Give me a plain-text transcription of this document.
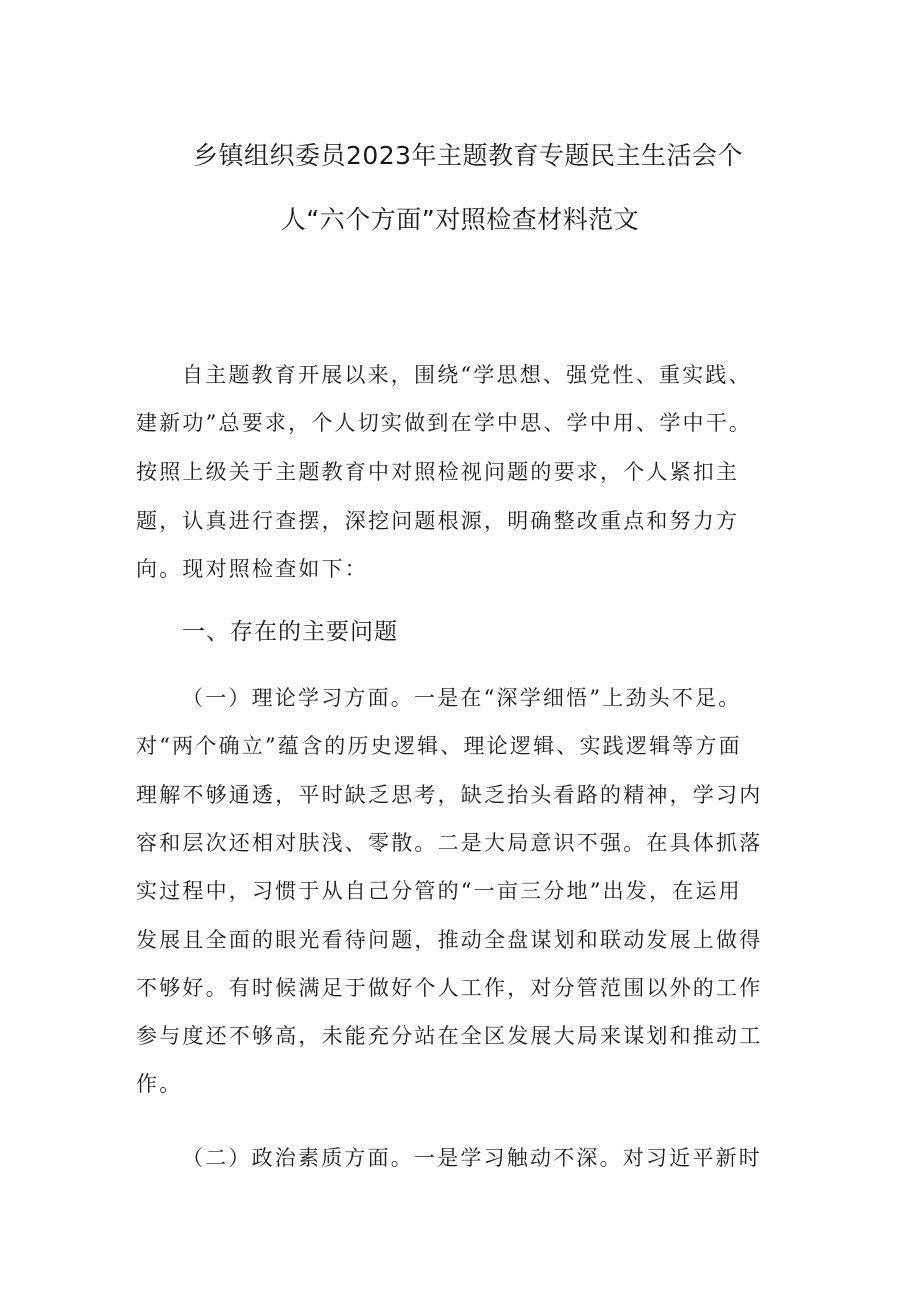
乡镇组织委员2023年主题教育专题民主生活会个
人“六个方面”对照检查材料范文
自主题教育开展以来，围绕“学思想、强党性、重实践、
建新功”总要求，个人切实做到在学中思、学中用、学中干。
按照上级关于主题教育中对照检视问题的要求，个人紧扣主
题，认真进行查摆，深挖问题根源，明确整改重点和努力方
向。现对照检查如下：
一、存在的主要问题
（一）理论学习方面。一是在“深学细悟”上劲头不足。
对“两个确立”蕴含的历史逻辑、理论逻辑、实践逻辑等方面
理解不够通透，平时缺乏思考，缺乏抬头看路的精神，学习内
容和层次还相对肤浅、零散。二是大局意识不强。在具体抓落
实过程中，习惯于从自己分管的“一亩三分地”出发，在运用
发展且全面的眼光看待问题，推动全盘谋划和联动发展上做得
不够好。有时候满足于做好个人工作，对分管范围以外的工作
参与度还不够高，未能充分站在全区发展大局来谋划和推动工
作。
（二）政治素质方面。一是学习触动不深。对习近平新时
